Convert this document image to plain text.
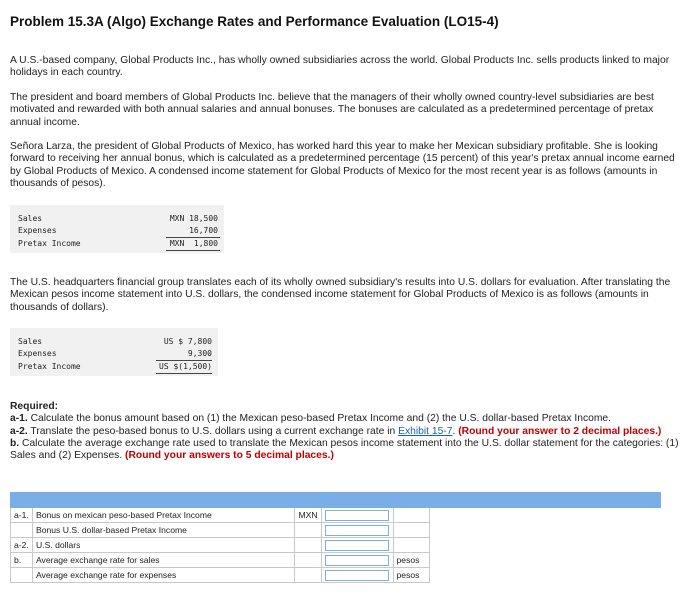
Problem 15.3A (Algo) Exchange Rates and Performance Evaluation (LO15-4)

A U.S.-based company, Global Products Inc., has wholly owned subsidiaries across the world. Global Products Inc. sells products linked to major holidays in each country.

The president and board members of Global Products Inc. believe that the managers of their wholly owned country-level subsidiaries are best motivated and rewarded with both annual salaries and annual bonuses. The bonuses are calculated as a predetermined percentage of pretax annual income.

Señora Larza, the president of Global Products of Mexico, has worked hard this year to make her Mexican subsidiary profitable. She is looking forward to receiving her annual bonus, which is calculated as a predetermined percentage (15 percent) of this year's pretax annual income earned by Global Products of Mexico. A condensed income statement for Global Products of Mexico for the most recent year is as follows (amounts in thousands of pesos).

Sales	MXN 18,500
Expenses	16,700
Pretax Income	MXN  1,800

The U.S. headquarters financial group translates each of its wholly owned subsidiary's results into U.S. dollars for evaluation. After translating the Mexican pesos income statement into U.S. dollars, the condensed income statement for Global Products of Mexico is as follows (amounts in thousands of dollars).

Sales	US $ 7,800
Expenses	9,300
Pretax Income	US $(1,500)
Required:
a-1. Calculate the bonus amount based on (1) the Mexican peso-based Pretax Income and (2) the U.S. dollar-based Pretax Income.
a-2. Translate the peso-based bonus to U.S. dollars using a current exchange rate in Exhibit 15-7. (Round your answer to 2 decimal places.)
b. Calculate the average exchange rate used to translate the Mexican pesos income statement into the U.S. dollar statement for the categories: (1) Sales and (2) Expenses. (Round your answers to 5 decimal places.)

a-1.	Bonus on mexican peso-based Pretax Income	MXN			
	Bonus U.S. dollar-based Pretax Income				
a-2.	U.S. dollars				
b.	Average exchange rate for sales			pesos	
	Average exchange rate for expenses			pesos	
